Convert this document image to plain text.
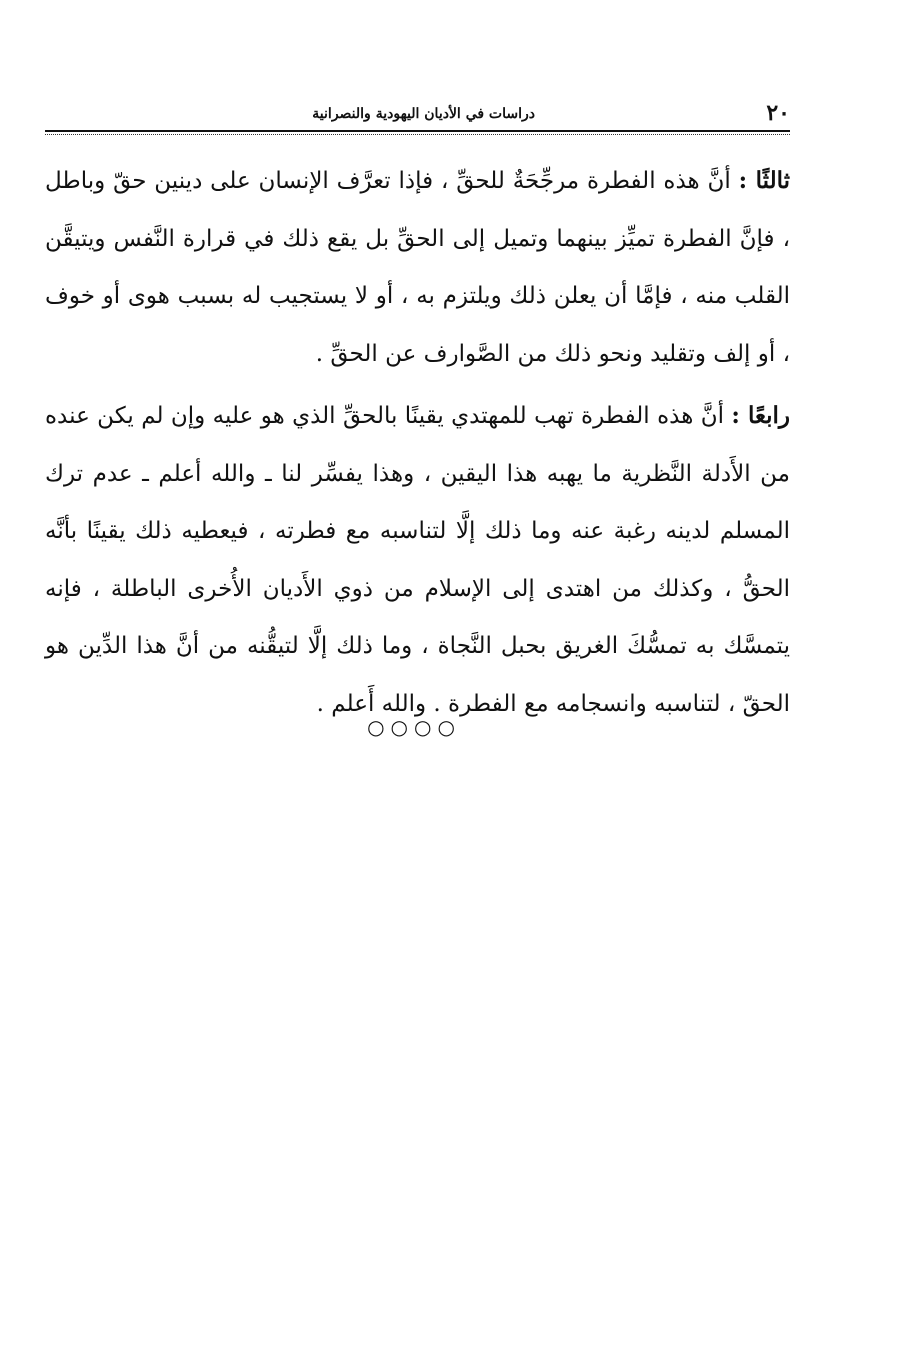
٢٠
دراسات في الأديان اليهودية والنصرانية

ثالثًا : أنَّ هذه الفطرة مرجِّحَةٌ للحقِّ ، فإذا تعرَّف الإنسان على دينين حقّ وباطل ، فإنَّ الفطرة تميِّز بينهما وتميل إلى الحقِّ بل يقع ذلك في قرارة النَّفس ويتيقَّن القلب منه ، فإمَّا أن يعلن ذلك ويلتزم به ، أو لا يستجيب له بسبب هوى أو خوف ، أو إلف وتقليد ونحو ذلك من الصَّوارف عن الحقِّ .

رابعًا : أنَّ هذه الفطرة تهب للمهتدي يقينًا بالحقِّ الذي هو عليه وإن لم يكن عنده من الأَدلة النَّظرية ما يهبه هذا اليقين ، وهذا يفسِّر لنا ـ والله أعلم ـ عدم ترك المسلم لدينه رغبة عنه وما ذلك إلَّا لتناسبه مع فطرته ، فيعطيه ذلك يقينًا بأنَّه الحقُّ ، وكذلك من اهتدى إلى الإسلام من ذوي الأَديان الأُخرى الباطلة ، فإنه يتمسَّك به تمسُّكَ الغريق بحبل النَّجاة ، وما ذلك إلَّا لتيقُّنه من أنَّ هذا الدِّين هو الحقّ ، لتناسبه وانسجامه مع الفطرة . والله أَعلم .

○○○○
